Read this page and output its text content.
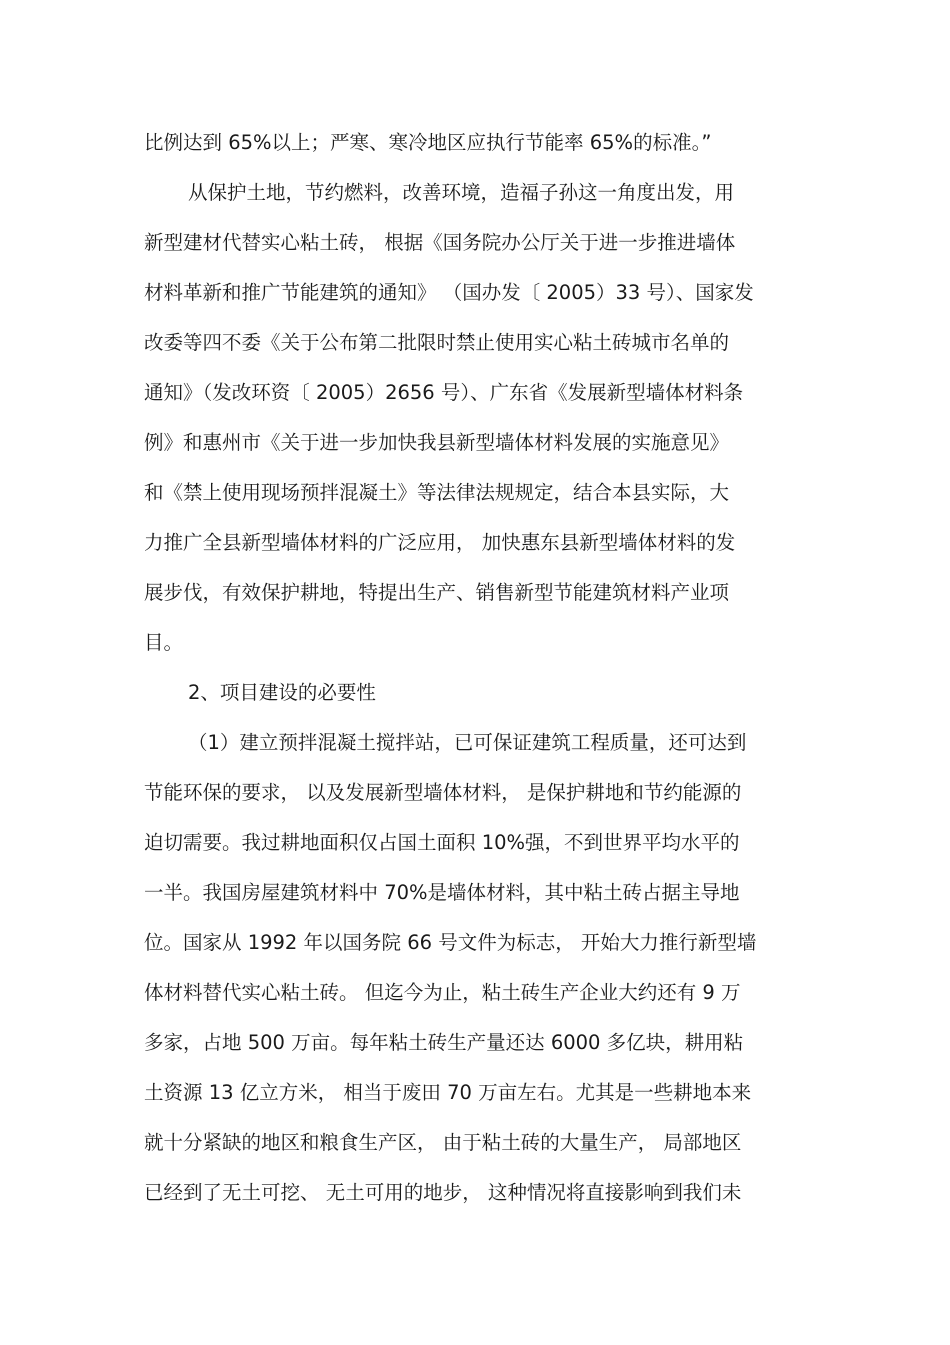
比例达到 65%以上；严寒、寒冷地区应执行节能率 65%的标准。”
从保护土地，节约燃料，改善环境，造福子孙这一角度出发，用
新型建材代替实心粘土砖， 根据《国务院办公厅关于进一步推进墙体
材料革新和推广节能建筑的通知》 （国办发〔 2005）33 号）、国家发
改委等四不委《关于公布第二批限时禁止使用实心粘土砖城市名单的
通知》（发改环资〔 2005）2656 号）、广东省《发展新型墙体材料条
例》和惠州市《关于进一步加快我县新型墙体材料发展的实施意见》
和《禁上使用现场预拌混凝土》等法律法规规定，结合本县实际，大
力推广全县新型墙体材料的广泛应用， 加快惠东县新型墙体材料的发
展步伐，有效保护耕地，特提出生产、销售新型节能建筑材料产业项
目。
2、项目建设的必要性
（1）建立预拌混凝土搅拌站，已可保证建筑工程质量，还可达到
节能环保的要求， 以及发展新型墙体材料， 是保护耕地和节约能源的
迫切需要。我过耕地面积仅占国土面积 10%强，不到世界平均水平的
一半。我国房屋建筑材料中 70%是墙体材料，其中粘土砖占据主导地
位。国家从 1992 年以国务院 66 号文件为标志， 开始大力推行新型墙
体材料替代实心粘土砖。 但迄今为止，粘土砖生产企业大约还有 9 万
多家，占地 500 万亩。每年粘土砖生产量还达 6000 多亿块，耕用粘
土资源 13 亿立方米， 相当于废田 70 万亩左右。尤其是一些耕地本来
就十分紧缺的地区和粮食生产区， 由于粘土砖的大量生产， 局部地区
已经到了无土可挖、 无土可用的地步， 这种情况将直接影响到我们未
